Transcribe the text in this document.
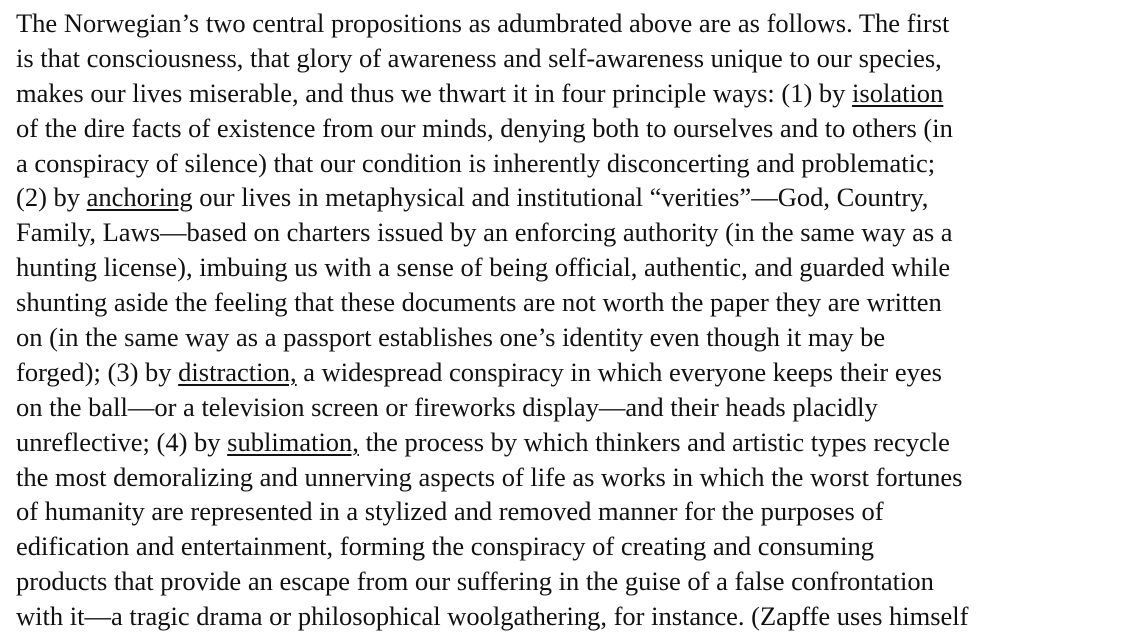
The Norwegian’s two central propositions as adumbrated above are as follows. The first
is that consciousness, that glory of awareness and self-awareness unique to our species,
makes our lives miserable, and thus we thwart it in four principle ways: (1) by isolation
of the dire facts of existence from our minds, denying both to ourselves and to others (in
a conspiracy of silence) that our condition is inherently disconcerting and problematic;
(2) by anchoring our lives in metaphysical and institutional “verities”—God, Country,
Family, Laws—based on charters issued by an enforcing authority (in the same way as a
hunting license), imbuing us with a sense of being official, authentic, and guarded while
shunting aside the feeling that these documents are not worth the paper they are written
on (in the same way as a passport establishes one’s identity even though it may be
forged); (3) by distraction, a widespread conspiracy in which everyone keeps their eyes
on the ball—or a television screen or fireworks display—and their heads placidly
unreflective; (4) by sublimation, the process by which thinkers and artistic types recycle
the most demoralizing and unnerving aspects of life as works in which the worst fortunes
of humanity are represented in a stylized and removed manner for the purposes of
edification and entertainment, forming the conspiracy of creating and consuming
products that provide an escape from our suffering in the guise of a false confrontation
with it—a tragic drama or philosophical woolgathering, for instance. (Zapffe uses himself
